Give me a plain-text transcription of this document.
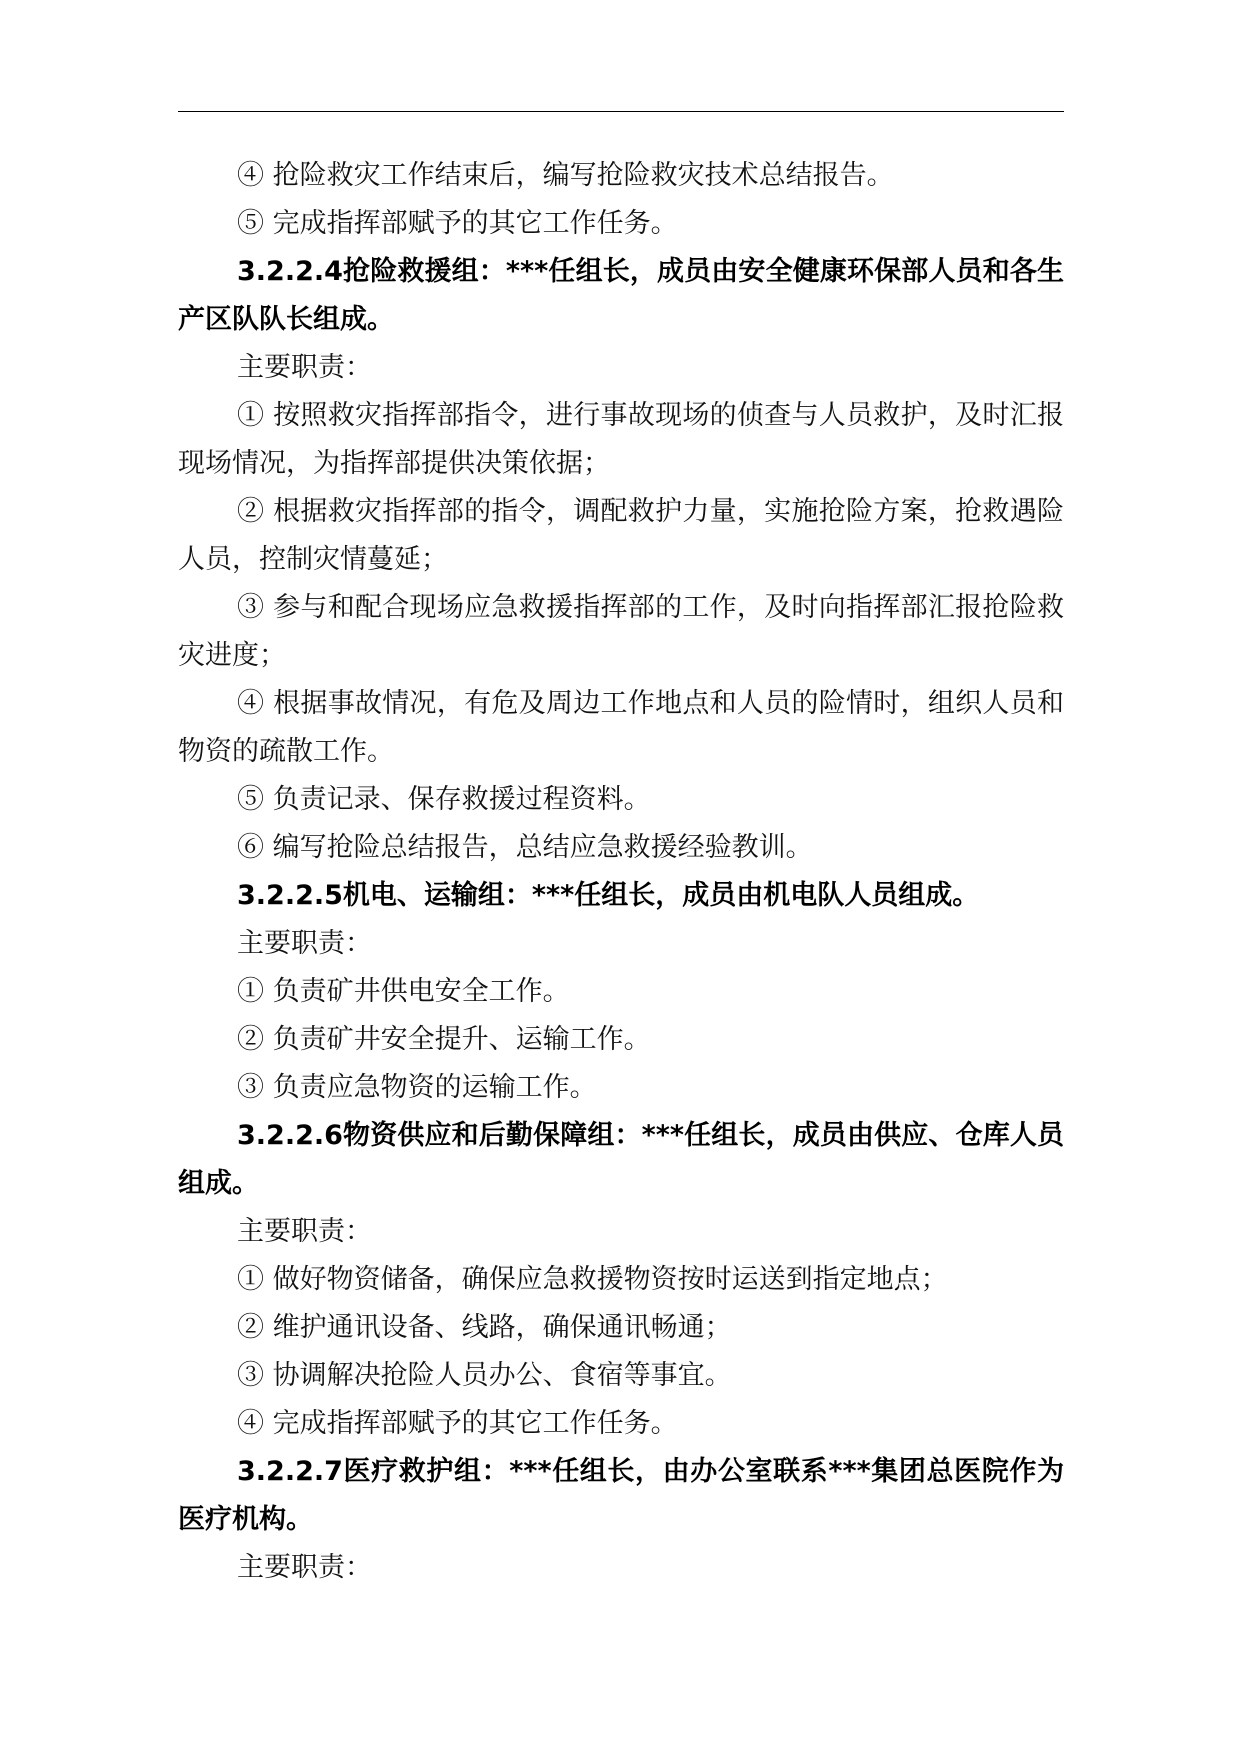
④ 抢险救灾工作结束后，编写抢险救灾技术总结报告。

⑤ 完成指挥部赋予的其它工作任务。

3.2.2.4抢险救援组：***任组长，成员由安全健康环保部人员和各生产区队队长组成。

主要职责：

① 按照救灾指挥部指令，进行事故现场的侦查与人员救护，及时汇报现场情况，为指挥部提供决策依据；

② 根据救灾指挥部的指令，调配救护力量，实施抢险方案，抢救遇险人员，控制灾情蔓延；

③ 参与和配合现场应急救援指挥部的工作，及时向指挥部汇报抢险救灾进度；

④ 根据事故情况，有危及周边工作地点和人员的险情时，组织人员和物资的疏散工作。

⑤ 负责记录、保存救援过程资料。

⑥ 编写抢险总结报告，总结应急救援经验教训。

3.2.2.5机电、运输组：***任组长，成员由机电队人员组成。

主要职责：

① 负责矿井供电安全工作。

② 负责矿井安全提升、运输工作。

③ 负责应急物资的运输工作。

3.2.2.6物资供应和后勤保障组：***任组长，成员由供应、仓库人员组成。

主要职责：

① 做好物资储备，确保应急救援物资按时运送到指定地点；

② 维护通讯设备、线路，确保通讯畅通；

③ 协调解决抢险人员办公、食宿等事宜。

④ 完成指挥部赋予的其它工作任务。

3.2.2.7医疗救护组：***任组长，由办公室联系***集团总医院作为医疗机构。

主要职责：
